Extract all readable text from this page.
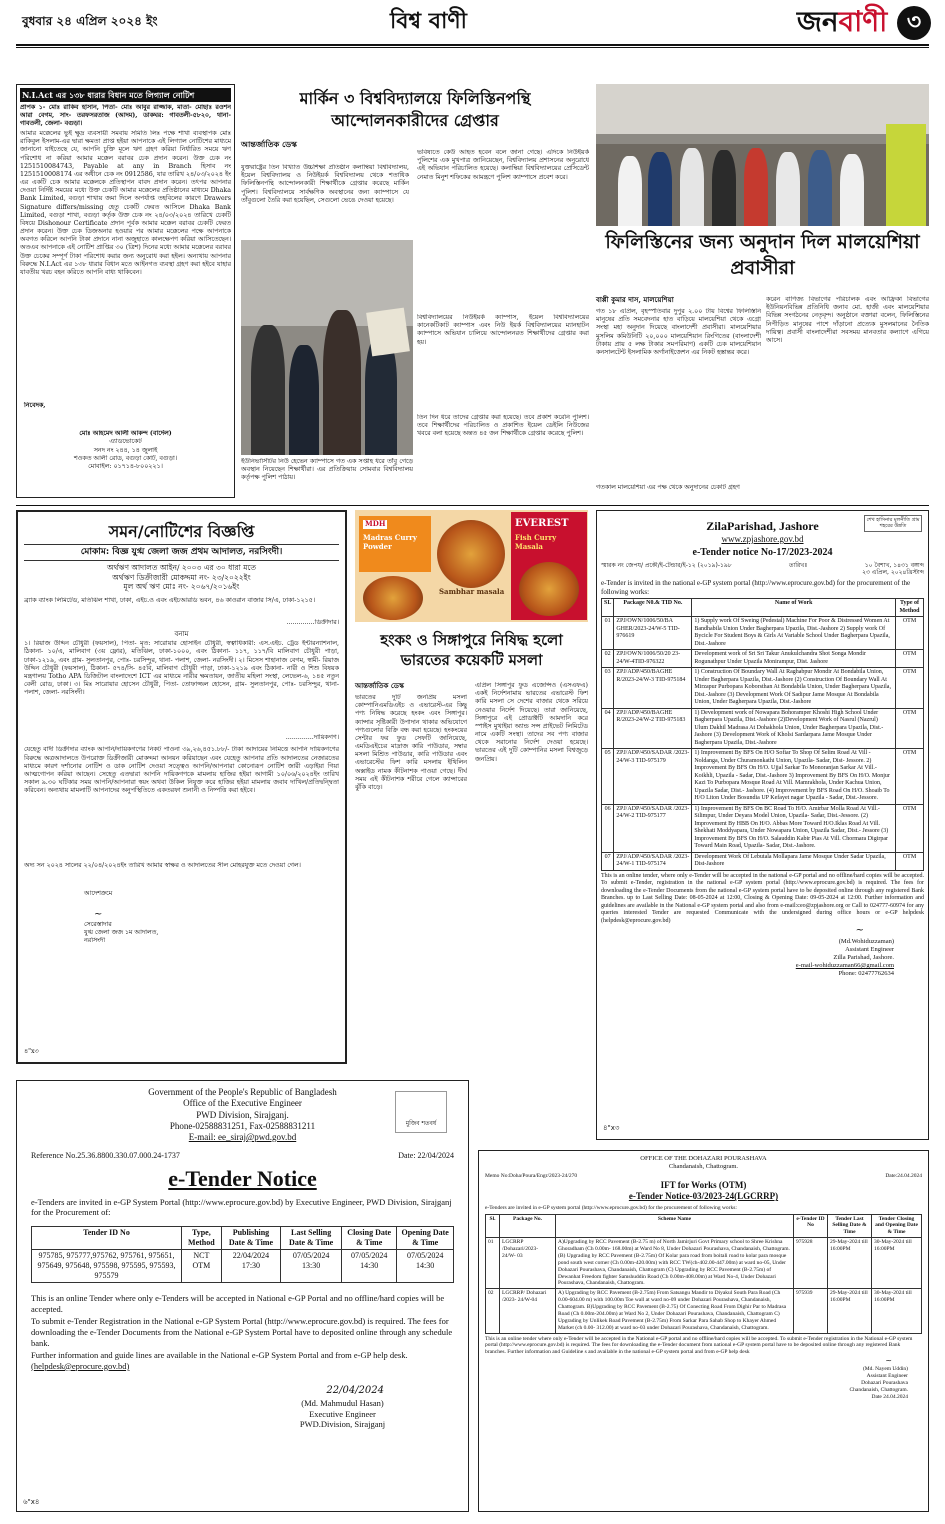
বুধবার ২৪ এপ্রিল ২০২৪ ইং	বিশ্ব বাণী	জনবাণী ৩
N.I.Act এর ১৩৮ ধারার বিধান মতে লিগ্যাল নোটিশ
প্রাপক ১- মোঃ রাকিব হাসান, পিতা- মোঃ আবুর রাজ্জাক, মাতা- মোছাঃ রওশন আরা বেগম, সাং- তরফসরতাজ (আদম), ডাকঘর: গাবতলী-৫৮২০, থানা- গাবতলী, জেলা- বগুড়া।
আমার মক্কেলের ভুই ক্ষুদ্র ব্যবসায়ী সমবায় সমিতি লিঃ পক্ষে শাখা ব্যবস্থাপক মোঃ রাকিবুল ইসলাম-এর দ্বারা ক্ষমতা প্রাপ্ত হইয়া আপনাকে এই লিগ্যাল নোটিশের মাধ্যমে জানানো যাইতেছে যে, আপনি চুক্তি মূলে ঋণ গ্রহণ করিয়া নির্ধারিত সময়ে ঋণ পরিশোধ না করিয়া আমার মক্কেল বরাবর চেক প্রদান করেন। উক্ত চেক নং 1251510084743, Payable at any in Branch হিসাব নং 1251510008174 এর অধীনে চেক নং 0912586, যার তারিখ ২৪/০৩/২০২৪ ইং এর একটি চেক আমার মক্কেলকে প্রতিস্থাপন বাবদ প্রদান করেন। তৎপর আপনার দেওয়া নির্দিষ্ট সময়ের মধ্যে উক্ত চেকটি আমার মক্কেলের প্রতিষ্ঠানের মাধ্যমে Dhaka Bank Limited, বগুড়া শাখায় জমা দিলে অপর্যাপ্ত তহবিলের কারণে Drawers Signature differs/missing হেতু চেকটি ফেরত আসিলে Dhaka Bank Limited, বগুড়া শাখা, বগুড়া কর্তৃক উক্ত চেক নং ২৪/০৩/২০২৪ তারিখে চেকটি বিষয়ে Dishonour Certificate প্রদান পূর্বক আমার মক্কেল বরাবর চেকটি ফেরত প্রদান করেন। উক্ত চেক ডিজঅনার হওয়ার পর আমার মক্কেলের পক্ষে আপনাকে অবগত করিলে আপনি টাকা প্রদানে নানা অজুহাতে কালক্ষেপণ করিয়া আসিতেছেন। অতএব আপনাকে এই নোটিশ প্রাপ্তির ৩০ (ত্রিশ) দিনের মধ্যে আমার মক্কেলের বরাবর উক্ত চেকের সম্পূর্ণ টাকা পরিশোধ করার জন্য অনুরোধ করা হইল। অন্যথায় আপনার বিরুদ্ধে N.I.Act এর ১৩৮ ধারার বিধান মতে আইনগত ব্যবস্থা গ্রহণ করা হইবে যাহার যাবতীয় খরচ বহন করিতে আপনি বাধ্য থাকিবেন।
নিবেদক,
মোঃ আহমেদ আলী আকন্দ (বার্দেল)
এ্যাডভোকেট
সনদ নং ২৪৪, ১৪ জুলাই
শওকত আলী রোড, বগুড়া কোর্ট, বগুড়া।
মোবাইল: ০১৭১৪-৮০০২২১।
মার্কিন ৩ বিশ্ববিদ্যালয়ে ফিলিস্তিনপন্থি আন্দোলনকারীদের গ্রেপ্তার
আন্তর্জাতিক ডেস্ক
যুক্তরাষ্ট্রের তিন বিখ্যাত উচ্চশিক্ষা প্রতিষ্ঠান কলাম্বিয়া বিশ্ববিদ্যালয়, ইয়েল বিশ্ববিদ্যালয় ও নিউইয়র্ক বিশ্ববিদ্যালয় থেকে শতাধিক ফিলিস্তিনপন্থি আন্দোলনকারী শিক্ষার্থীকে গ্রেপ্তার করেছে মার্কিন পুলিশ। বিশ্ববিদ্যালয়ে সার্বক্ষণিক অবস্থানের জন্য ক্যাম্পাসে যে তাঁবুগুলো তৈরি করা হয়েছিল, সেগুলো ভেঙে দেওয়া হয়েছে।
ভবিষ্যতে কেউ আহত হবেন বলে জানা গেছে। এদিকে নিউইয়র্ক পুলিশের এক মুখপাত্র জানিয়েছেন, বিশ্ববিদ্যালয় প্রশাসনের অনুরোধে এই অভিযান পরিচালিত হয়েছে। কলাম্বিয়া বিশ্ববিদ্যালয়ের প্রেসিডেন্ট নেমাত মিনুশ শফিকের আমন্ত্রণে পুলিশ ক্যাম্পাসে প্রবেশ করে।
ইউনিভার্সিটির নিউ হেভেন ক্যাম্পাসে গত এক সপ্তাহ ধরে তাঁবু গেড়ে অবস্থান নিয়েছেন শিক্ষার্থীরা। এর প্রতিক্রিয়ায় সোমবার বিশ্ববিদ্যালয় কর্তৃপক্ষ পুলিশ পাঠায়।
বিশ্ববিদ্যালয়ের নিউইয়র্ক ক্যাম্পাস, ইয়েল বিশ্ববিদ্যালয়ের কানেকটিকাট ক্যাম্পাস এবং নিউ ইয়র্ক বিশ্ববিদ্যালয়ের ম্যানহাটন ক্যাম্পাসে অভিযান চালিয়ে আন্দোলনরত শিক্ষার্থীদের গ্রেপ্তার করা হয়।
তিন দিন ধরে তাদের গ্রেপ্তার করা হয়েছে। তবে প্রকাশ করেনি পুলিশ। তবে শিক্ষার্থীদের পরিচালিত ও প্রকাশিত ইয়েল ডেইলি নিউজের খবরে বলা হয়েছে অন্তত ৪৫ জন শিক্ষার্থীকে গ্রেপ্তার করেছে পুলিশ।
ফিলিস্তিনের জন্য অনুদান দিল মালয়েশিয়া প্রবাসীরা
বাপ্পী কুমার দাস, মালয়েশিয়া
গত ১৮ এপ্রিল, বৃহস্পতিবার দুপুর ২.০০ টায় বিশ্বের ফিলিস্তিনি মানুষের প্রতি সমবেদনার হাত বাড়িয়ে মালয়েশিয়া থেকে এগ্রো সংস্থা মহা অনুদান দিয়েছে বাংলাদেশী প্রবাসীরা। মালয়েশিয়ার মুসলিম কমিউনিটি ২০,০০০ মালয়েশিয়ান রিংগিতের (বাংলাদেশী টাকায় প্রায় ৫ লক্ষ টাকার সমপরিমাণ) একটি চেক মালয়েশিয়ান কনসালটেন্ট ইসলামিক অর্গানাইজেশন এর নিকট হস্তান্তর করে।
করেন বাণিজ্য বিভাগের পরিচালক এবং আফ্রিকা বিভাগের ইউনিয়নবিভিন্ন প্রতিনিধি জনাব মো. হাজী এবং মালয়েশিয়ার বিভিন্ন সংগঠনের নেতৃবৃন্দ। অনুষ্ঠানে বক্তারা বলেন, ফিলিস্তিনের নিপীড়িত মানুষের পাশে দাঁড়ানো প্রত্যেক মুসলমানের নৈতিক দায়িত্ব। প্রবাসী বাংলাদেশীরা সবসময় মানবতার কল্যাণে এগিয়ে আসে।
গতকাল মালয়েশিয়া এর পক্ষ থেকে অনুদানের চেকটি গ্রহণ
সমন/নোটিশের বিজ্ঞপ্তি
মোকাম: বিজ্ঞ যুগ্ম জেলা জজ প্রথম আদালত, নরসিংদী।
অর্থঋণ আদালত আইন/ ২০০৩ এর ৩০ ধারা মতে
অর্থঋণ ডিক্রীজারী মোকদ্দমা নং- ২৩/২০২২ইং
মূল অর্থ ঋণ মোঃ নং- ২০৬৭/২০১৬ইং
ব্র্যাক ব্যাংক লিমিটেড, মতিঝিল শাখা, ঢাকা, এইচ.ও এবং এইচআরডি ভবন, ৪৬ কাওরান বাজার সি/এ, ঢাকা-১২১৫।
..............ডিক্রীদার।
বনাম
১। রিয়াজ উদ্দিন চৌধুরী (ফয়সাল), পিতা- মৃত: সারোয়ার হোসাইন চৌধুরী, স্বত্বাধিকারী: এস.এইচ. ট্রেড ইন্টারন্যাশনাল, ঠিকানা- ১০/এ, মালিবাগ (৩য় ফ্লোর), মতিঝিল, ঢাকা-১০০০, এবং ঠিকানা- ১১৭, ১১৭/বি মালিবাগ চৌধুরী পাড়া, ঢাকা-১২১৯, এবং গ্রাম- সুলতানপুর, পোঃ- চরসিন্দুর, থানা- পলাশ, জেলা- নরসিংদী। ২। মিসেস শাহানাজ বেগম, স্বামী- রিয়াজ উদ্দিন চৌধুরী (ফয়সাল), ঠিকানা- ৫৭৪/সি- ৪৫বি, মালিবাগ চৌধুরী পাড়া, ঢাকা-১২১৯ এবং ঠিকানা- নারী ও শিশু বিষয়ক মন্ত্রণালয় Totho APA ডিজিটাল বাংলাদেশে ICT এর মাধ্যমে নারীর ক্ষমতায়ন, জাতীয় মহিলা সংস্থা, লেভেল-৬, ১৪৫ নতুন বেলী রোড, ঢাকা। ৩। মিঃ সারোয়ার হোসেন চৌধুরী, পিতা- তোফাজ্জল হোসেন, গ্রাম- সুলতানপুর, পোঃ- চরসিন্দুর, থানা- পলাশ, জেলা- নরসিংদী।
..............দায়িকগণ।
যেহেতু বাদী ডিক্রীদার ব্যাংক আপনি/দায়িকগণের নিকট পাওনা ৩৯,২৬,৪৫১.৮৮/- টাকা আদায়ের নিমিত্তে আপনি দায়িকগণের বিরুদ্ধে অত্রআদালতে উপরোক্ত ডিক্রীজারী মোকদ্দমা আনয়ন করিয়াছেন এবং যেহেতু আপনার প্রতি আদালতের নেজারতের মাধ্যমে কারণ দর্শানোর নোটিশ ও ডাক নোটিশ দেওয়া সত্ত্বেও আপনি/আপনারা কোনোরূপ নোটিশ জারী এড়াইয়া গিয়া আত্মগোপন করিয়া আছেন। সেহেতু এতদ্বারা আপনি দায়িকগণকে মামলায় হাজির হইয়া আগামী ১০/০৬/২০২৪ইং তারিখ সকাল ৯.৩০ ঘটিকার সময় আপনি/আপনারা স্বয়ং অথবা উকিল নিযুক্ত করে হাজির হইয়া মামলায় জবাব দাখিল/প্রতিদ্বন্দ্বিতা করিবেন। অন্যথায় মামলাটি আপনাদের অনুপস্থিতিতে একতরফা শুনানী ও নিষ্পত্তি করা হইবে।
অদ্য সন ২০২৪ সালের ২২/০৪/২০২৪ইং তারিখ আমার স্বাক্ষর ও আদালতের সীল মোহরযুক্ত মতে দেওয়া গেল।
আদেশক্রমে
~
সেরেস্তাদার
যুগ্ম জেলা জজ ১ম আদালত,
নরসিংদী
৪"x৩
MDH
Madras Curry Powder
Sambhar masala
EVEREST
Fish Curry Masala
হংকং ও সিঙ্গাপুরে নিষিদ্ধ হলো ভারতের কয়েকটি মসলা
আন্তর্জাতিক ডেস্ক
ভারতের দুটি জনপ্রিয় মসলা কোম্পানিএমডিএইচ ও এভারেস্ট-এর কিছু পণ্য নিষিদ্ধ করেছে হংকং এবং সিঙ্গাপুর। ক্যান্সার সৃষ্টিকারী উপাদান থাকার অভিযোগে পণ্যগুলোর বিক্রি বন্ধ করা হয়েছে। হংকংয়ের সেন্টার ফর ফুড সেফটি জানিয়েছে, এমডিএইচের মাদ্রাজ কারি পাউডার, সম্বার মসলা মিশ্রিত পাউডার, কারি পাউডার এবং এভারেস্টের ফিশ কারি মসলায় ইথিলিন অক্সাইড নামক কীটনাশক পাওয়া গেছে। দীর্ঘ সময় এই কীটনাশক শরীরে গেলে ক্যান্সারের ঝুঁকি বাড়ে।
এপ্রিল সিঙ্গাপুর ফুড এজেন্সিও (এসএফএ) একই নির্দেশনামায় ভারতের এভারেস্ট ফিশ কারি মসলা সে দেশের বাজার থেকে সরিয়ে নেওয়ার নির্দেশ দিয়েছে। তারা জানিয়েছে, সিঙ্গাপুরে এই প্রোডাক্টটি আমদানি করে স্পাইস মুথাইয়া অ্যান্ড সন্স প্রাইভেট লিমিটেড নামে একটি সংস্থা। তাদের সব পণ্য বাজার থেকে সরানোর নির্দেশ দেওয়া হয়েছে। ভারতের এই দুটি কোম্পানির মসলা বিশ্বজুড়ে জনপ্রিয়।
শেখ হাসিনার মূলনীতি গ্রাম শহরের উন্নতি
ZilaParishad, Jashore
www.zpjashore.gov.bd
e-Tender notice No-17/2023-2024
স্মারক নং জেপয/ প্রকৌ/ই-টেন্ডার/ই-১২ (২০১৯)-১৯৮	তারিখঃ	১০ বৈশাখ, ১৪৩১ বঙ্গাব্দ
২৩ এপ্রিল, ২০২৪খ্রিস্টাব্দ
e-Tender is invited in the national e-GP system portal (http://www.eprocure.gov.bd) for the procurement of the following works:
SL	Package N0.& TID No.	Name of Work	Type of Method
01	ZPJ/OWN/1006/50/BA GHER/2023-24/W-5 TID-976619	1) Supply work Of Sweing (Pedestal) Machine For Poor & Distressed Women At Bandhabila Union Under Bagherpara Upazila, Dist.-Jashore 2) Supply work Of Bycicle For Student Boys & Girls At Variable School Under Bagherpara Upazila, Dist.-Jashore	OTM
02	ZPJ/OWN/1006/50/20 23-24/W-4TID-976322	Development work of Sri Sri Takur Anukulchandra Shot Songa Mondir Rogunathpur Under Upazila Monirampur, Dist. Jashore	OTM
03	ZPJ/ADP/450/BAGHE R/2023-24/W-3 TID-975184	1) Construction Of Boundary Wall At Raghabpur Mondir At Bondabila Union, Under Bagherpara Upazila, Dist.-Jashore (2) Construction Of Boundary Wall At Mirzapur Purbopara Koborsthan At Bondabila Union, Under Bagherpara Upazila, Dist.-Jashore (3) Development Work Of Sadipur Jame Mosque At Bondabila Union, Under Bagherpara Upazila, Dist.-Jashore	OTM
04	ZPJ/ADP/450/BAGHE R/2023-24/W-2 TID-975183	1) Development work of Nowapara Bohoramper Khoshi High School Under Bagherpara Upazila, Dist.-Jashore (2)Development Work of Nasrul (Nazrul) Ulum Dakhil Madrasa At Dohakhola Union, Under Bagherpara Upazila, Dist.-Jashore (3) Development Work of Kholsi Sardarpara Jame Mosque Under Bagherpara Upazila, Dist.-Jashore	OTM
05	ZPJ/ADP/450/SADAR /2023-24/W-3 TID-975179	1) Improvement By BFS On H/O Sofiar To Shop Of Selim Road At Vill - Noldanga, Under Churamonkathi Union, Upazila- Sadar, Dist- Jessore. 2) Improvement By BFS On H/O. Ujjal Sarkar To Monoranjan Sarkar At Vill.- Koikhli, Upazila - Sadar, Dist.-Jashore 3) Improvement By BFS On H/O. Monjur Kazi To Purbopara Mosque Road At Vill. Mamrakhola, Under Kachua Union, Upazila Sadar, Dist.- Jashore. (4) Improvement by BFS Road On H/O. Shoaib To H/O Liton Under Bosundia UP Kefayet nagar Upazila - Sadar, Dist.-Jessore.	OTM
06	ZPJ/ADP/450/SADAR /2023-24/W-2 TID-975177	1) Improvement By BFS On BC Road To H/O. Amirbar Molla Road At Vill.- Silimpur, Under Deyara Model Union, Upazila- Sadar, Dist.-Jessore. (2) Improvement By HBB On H/O. Abbas More Toward H/O.Iklas Road At Vill. Shekhati Moddyapara, Under Nowapara Union, Upazila Sadar, Dist.- Jessore (3) Improvement By BFS On H/O. Salauddin Kabir Pias At Vill. Chormara Digirpar Toward Main Road, Upazila- Sadar, Dist.-Jashore.	OTM
07	ZPJ/ADP/450/SADAR /2023-24/W-1 TID-975174	Development Work Of Lebutala Mollapara Jame Mosque Under Sadar Upazila, Dist-Jashore	OTM
This is an online tender, where only e-Tender will be accepted in the national e-GP portal and no offline/hard copies will be accepted. To submit e-Tender, registration in the national e-GP system portal (http://www.eprocure.gov.bd) is required. The fees for downloading the e-Tender Documents from the national e-GP system portal have to be deposited online through any registered Bank Branches. up to Last Selling Date: 08-05-2024 at 12:00, Closing & Opening Date: 09-05-2024 at 12:00. Further information and guidelines are available in the National e-GP system portal and also from e-mail:ceo@zpjashore.org or Call to 024777-60974 for any queries interested Tender are requested Communicate with the undersigned during office hours or e-GP helpdesk (helpdesk@eprocure.gov.bd)
~
(Md.Wohiduzzaman)
Assistant Engineer
Zilla Parishad, Jashore.
e-mail-wohiduzzaman66@gmail.com
Phone: 02477762634
৪"x৩
মুজিব শতবর্ষ
Government of the People's Republic of Bangladesh
Office of the Executive Engineer
PWD Division, Sirajganj.
Phone-02588831251, Fax-02588831211
E-mail: ee_siraj@pwd.gov.bd
Reference No.25.36.8800.330.07.000.24-1737	Date: 22/04/2024
e-Tender Notice
e-Tenders are invited in e-GP System Portal (http://www.eprocure.gov.bd) by Executive Engineer, PWD Division, Sirajganj for the Procurement of:
Tender ID No	Type, Method	Publishing Date & Time	Last Selling Date & Time	Closing Date & Time	Opening Date & Time
975785, 975777,975762, 975761, 975651, 975649, 975648, 975598, 975595, 975593, 975579	NCT OTM	22/04/2024 17:30	07/05/2024 13:30	07/05/2024 14:30	07/05/2024 14:30
This is an online Tender where only e-Tenders will be accepted in National e-GP Portal and no offline/hard copies will be accepted.
To submit e-Tender Registration in the National e-GP System Portal (http://www.eprocure.gov.bd) is required. The fees for downloading the e-Tender Documents from the National e-GP System Portal have to deposited online through any schedule bank.
Further information and guide lines are available in the National e-GP System Portal and from e-GP help desk.
(helpdesk@eprocure.gov.bd)
22/04/2024
(Md. Mahmudul Hasan)
Executive Engineer
PWD.Division, Sirajganj
৬"x৪
OFFICE OF THE DOHAZARI POURASHAVA
Chandanaish, Chattogram.
Memo No:Doha/Poura/Engr/2023-24/270	Date:24.04.2024
IFT for Works (OTM)
e-Tender Notice-03/2023-24(LGCRRP)
e-Tenders are invited in e-GP system portal (http://www.eprocure.gov.bd) for the procurement of following works:
Sl.	Package No.	Scheme Name	e-Tender ID No	Tender Last Selling Date & Time	Tender Closing and Opening Date & Time
01	LGCRRP /Dohazari/2023- 24/W- 03	A)Upgrading by RCC Pavement (B-2.75 m) of North Jamirjuri Govt Primary school to Shree Krishna Ghoradham (Ch 0.00m- 168.00m) at Ward No 8, Under Dohazari Pourashava, Chandanaish, Chattogram. (B) Upgrading by RCC Pavement (B-2.75m) Of Kolar para road from boitali road to kolar para mosque pond south west corner (Ch 0.00m-420.00m) with RCC TW(ch-402.00-447.00m) at ward no-05, Under Dohazari Pourashava, Chandanaish, Chattogram (C) Upgrading by RCC Pavement (B-2.75m) of Dewanhat Freedom fighter Samshuddin Road (Ch 0.00m-408.00m) at Ward No-4, Under Dohazari Pourashava, Chandanaish, Chattogram.	975928	29-May-2024 till 16:00PM	30-May-2024 till 16:00PM
02	LGCRRP/ Dohazari /2023- 24/W-04	A) Upgrading by RCC Pavement (B-2.75m) From Satsangu Mandir to Diyakul South Para Road (Ch 0.00-604.00 m) with 100.00m Toe wall at ward no-09 under Dohazari Pourashava, Chandanaish, Chattogram. B)Upgrading by RCC Pavement (B-2.75) Of Conecting Road From Dighir Par to Madrasa Road (Ch 0.00m-204.00m) at Ward No 2, Under Dohazari Pourashava, Chandanaish, Chattogram C) Upgrading by Unlikek Road Pavement (B-2.75m) From Sarkar Para Sahab Shop to Khayer Ahmed Market (ch 0.00- 312.00) at ward no-03 under Dohazari Pourashava, Chandanaish, Chattogram.	975939	29-May-2024 till 16:00PM	30-May-2024 till 16:00PM
This is an online tender where only e-Tender will be accepted in the National e-GP portal and no offline/hard copies will be accepted. To submit e-Tender registration in the National e-GP system portal (http://www.eprocure.gov.bd) is required. The fees for downloading the e-Tender document from national e-GP system portal have to be deposited online through any registered Bank branches. Further information and Guideline s and available in the national e-GP system portal and from e-GP help desk
~
(Md. Nayem Uddin)
Assistant Engineer
Dohazari Pourashava
Chandanaish, Chattogram.
Date 24.04.2024
